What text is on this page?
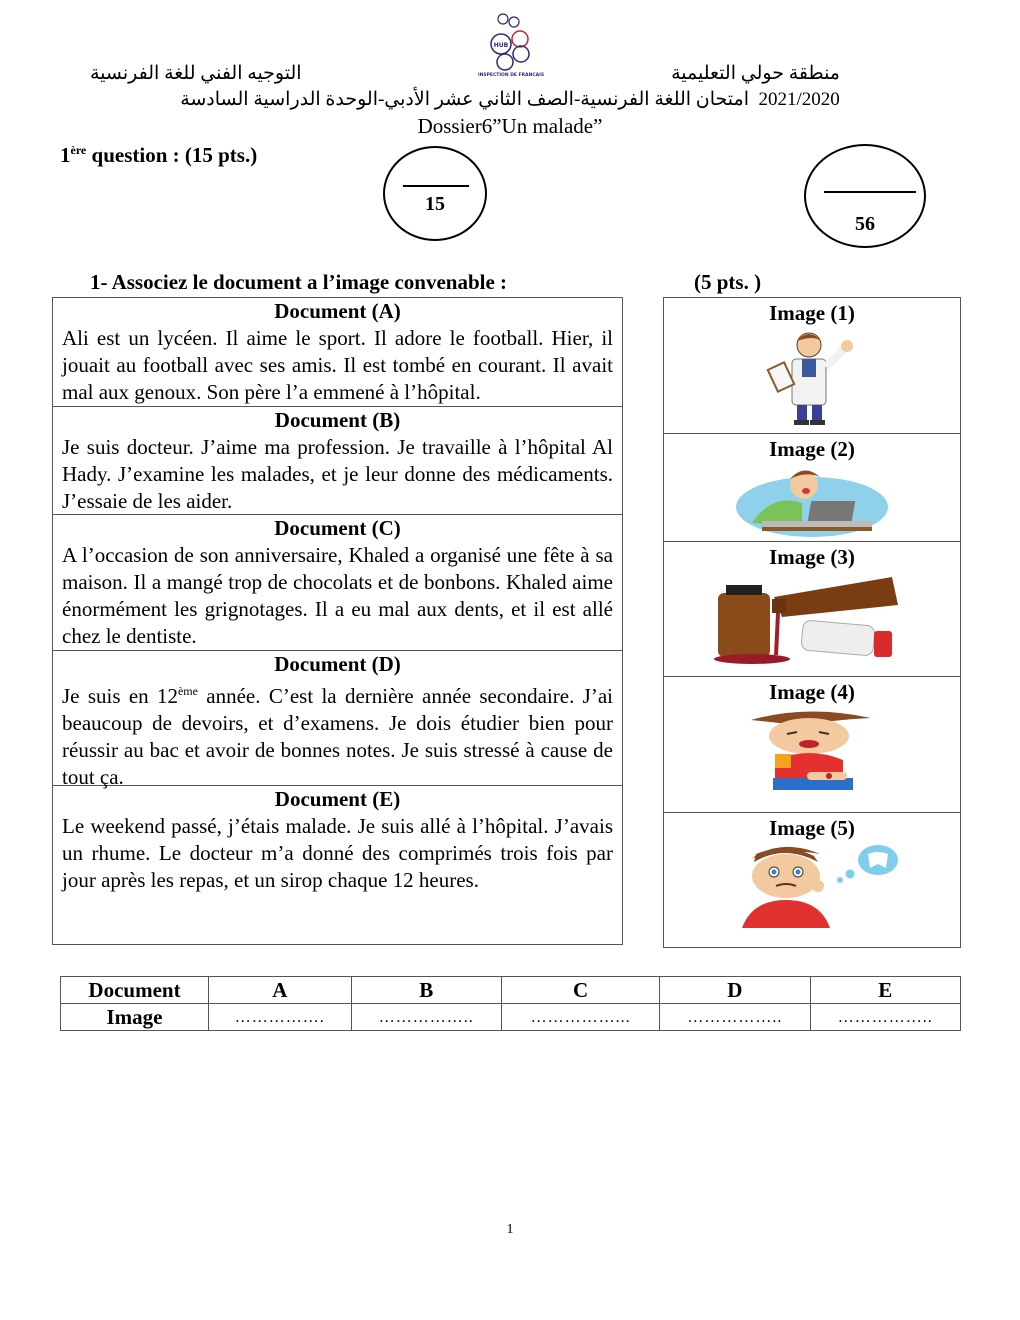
HUB
INSPECTION DE FRANCAIS
التوجيه الفني للغة الفرنسية	منطقة حولي التعليمية
امتحان اللغة الفرنسية-الصف الثاني عشر الأدبي-الوحدة الدراسية السادسة 2021/2020
Dossier6”Un malade”
1ère question : (15 pts.)
15
56
1- Associez le document a l’image convenable :	(5 pts. )
Document (A)
Ali est un lycéen. Il aime le sport. Il adore le football. Hier, il jouait au football avec ses amis. Il est tombé en courant. Il avait mal aux genoux. Son père l’a emmené à l’hôpital.
Document (B)
Je suis docteur. J’aime ma profession. Je travaille à l’hôpital Al Hady. J’examine les malades, et je leur donne des médicaments. J’essaie de les aider.
Document (C)
A l’occasion de son anniversaire, Khaled a organisé une fête à sa maison. Il a mangé trop de chocolats et de bonbons. Khaled aime énormément les grignotages. Il a eu mal aux dents, et il est allé chez le dentiste.
Document (D)
Je suis en 12ème année. C’est la dernière année secondaire. J’ai beaucoup de devoirs, et d’examens. Je dois étudier bien pour réussir au bac et avoir de bonnes notes. Je suis stressé à cause de tout ça.
Document (E)
Le weekend passé, j’étais malade. Je suis allé à l’hôpital. J’avais un rhume. Le docteur m’a donné des comprimés trois fois par jour après les repas, et un sirop chaque 12 heures.
Image (1)
Image (2)
Image (3)
Image (4)
Image (5)
Document	A	B	C	D	E
Image	…………….	……………..	……………...	……………..	……………..
1
